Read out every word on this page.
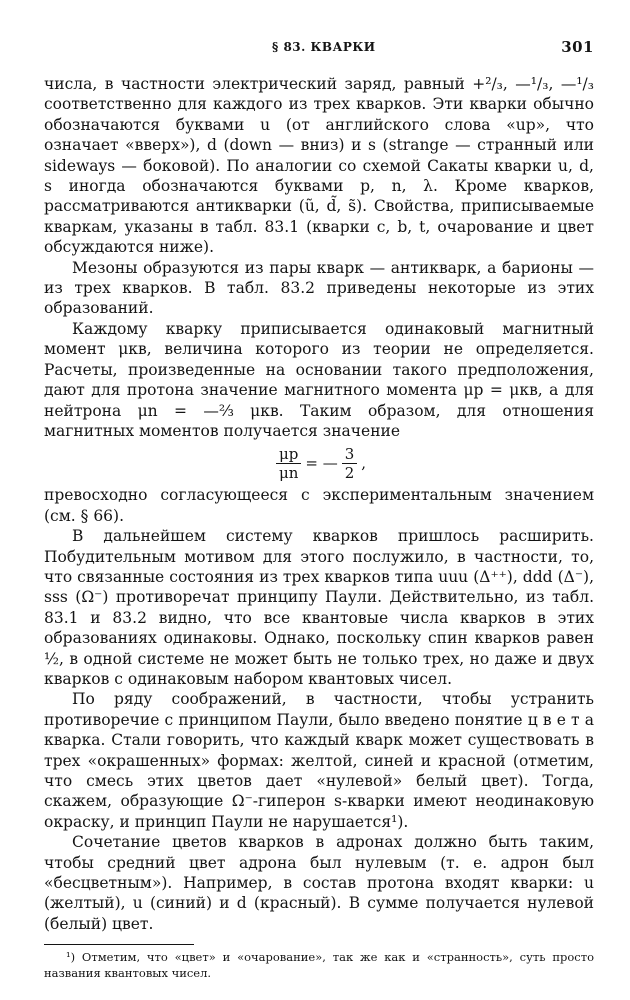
§ 83. КВАРКИ	301

числа, в частности электрический заряд, равный +²/₃, —¹/₃, —¹/₃ соответственно для каждого из трех кварков. Эти кварки обычно обозначаются буквами u (от английского слова «up», что означает «вверх»), d (down — вниз) и s (strange — странный или sideways — боковой). По аналогии со схемой Сакаты кварки u, d, s иногда обозначаются буквами p, n, λ. Кроме кварков, рассматриваются антикварки (ũ, d̃, s̃). Свойства, приписываемые кваркам, указаны в табл. 83.1 (кварки c, b, t, очарование и цвет обсуждаются ниже).

Мезоны образуются из пары кварк — антикварк, а барионы — из трех кварков. В табл. 83.2 приведены некоторые из этих образований.

Каждому кварку приписывается одинаковый магнитный момент μкв, величина которого из теории не определяется. Расчеты, произведенные на основании такого предположения, дают для протона значение магнитного момента μp = μкв, а для нейтрона μn = —⅔ μкв. Таким образом, для отношения магнитных моментов получается значение

$\frac{\mu p}{\mu n}$ = — $\frac{3}{2}$ ,

превосходно согласующееся с экспериментальным значением (см. § 66).

В дальнейшем систему кварков пришлось расширить. Побудительным мотивом для этого послужило, в частности, то, что связанные состояния из трех кварков типа uuu (Δ⁺⁺), ddd (Δ⁻), sss (Ω⁻) противоречат принципу Паули. Действительно, из табл. 83.1 и 83.2 видно, что все квантовые числа кварков в этих образованиях одинаковы. Однако, поскольку спин кварков равен ½, в одной системе не может быть не только трех, но даже и двух кварков с одинаковым набором квантовых чисел.

По ряду соображений, в частности, чтобы устранить противоречие с принципом Паули, было введено понятие ц в е т а кварка. Стали говорить, что каждый кварк может существовать в трех «окрашенных» формах: желтой, синей и красной (отметим, что смесь этих цветов дает «нулевой» белый цвет). Тогда, скажем, образующие Ω⁻-гиперон s-кварки имеют неодинаковую окраску, и принцип Паули не нарушается¹).

Сочетание цветов кварков в адронах должно быть таким, чтобы средний цвет адрона был нулевым (т. е. адрон был «бесцветным»). Например, в состав протона входят кварки: u (желтый), u (синий) и d (красный). В сумме получается нулевой (белый) цвет.

¹) Отметим, что «цвет» и «очарование», так же как и «странность», суть просто названия квантовых чисел.
